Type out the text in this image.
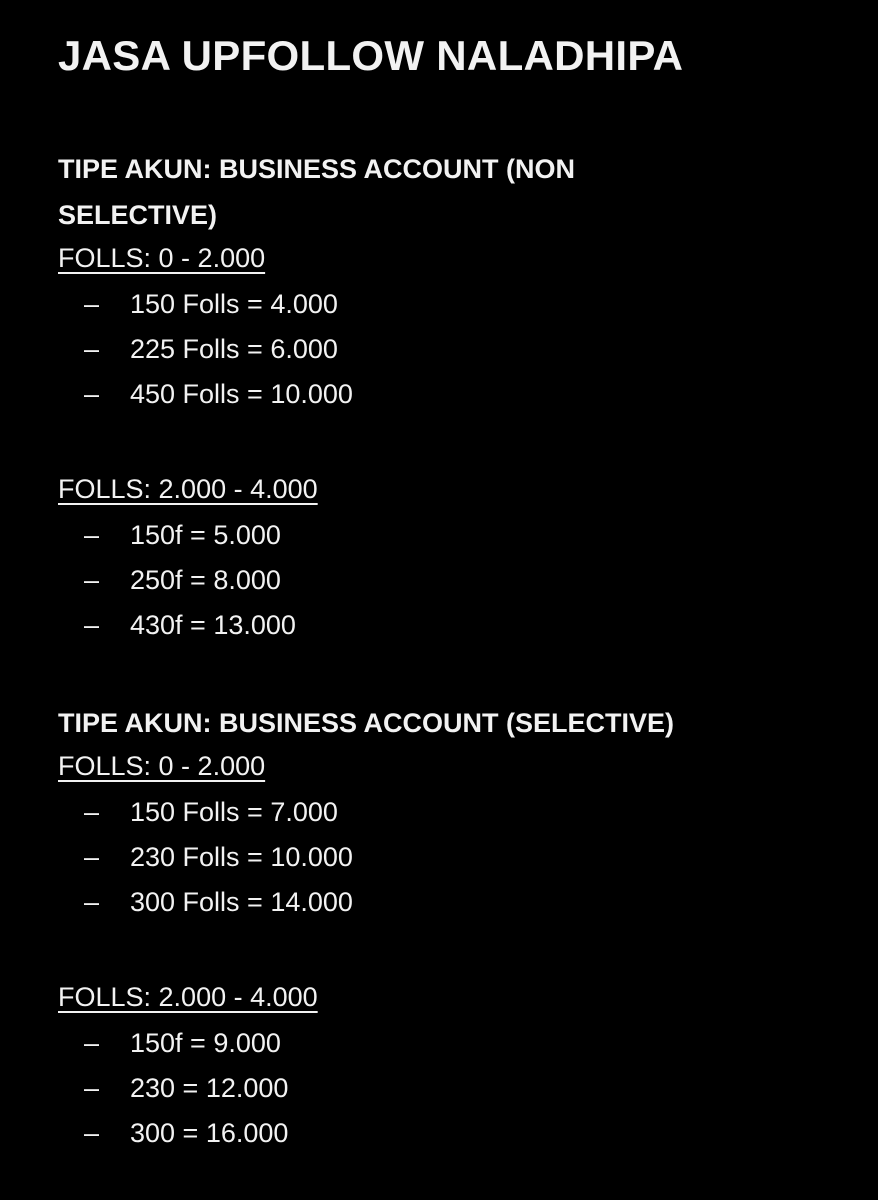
JASA UPFOLLOW NALADHIPA

TIPE AKUN: BUSINESS ACCOUNT (NON SELECTIVE)

FOLLS: 0 - 2.000

–	150 Folls = 4.000
–	225 Folls = 6.000
–	450 Folls = 10.000

FOLLS: 2.000 - 4.000

–	150f = 5.000
–	250f = 8.000
–	430f = 13.000

TIPE AKUN: BUSINESS ACCOUNT (SELECTIVE)

FOLLS: 0 - 2.000

–	150 Folls = 7.000
–	230 Folls = 10.000
–	300 Folls = 14.000

FOLLS: 2.000 - 4.000

–	150f = 9.000
–	230 = 12.000
–	300 = 16.000
